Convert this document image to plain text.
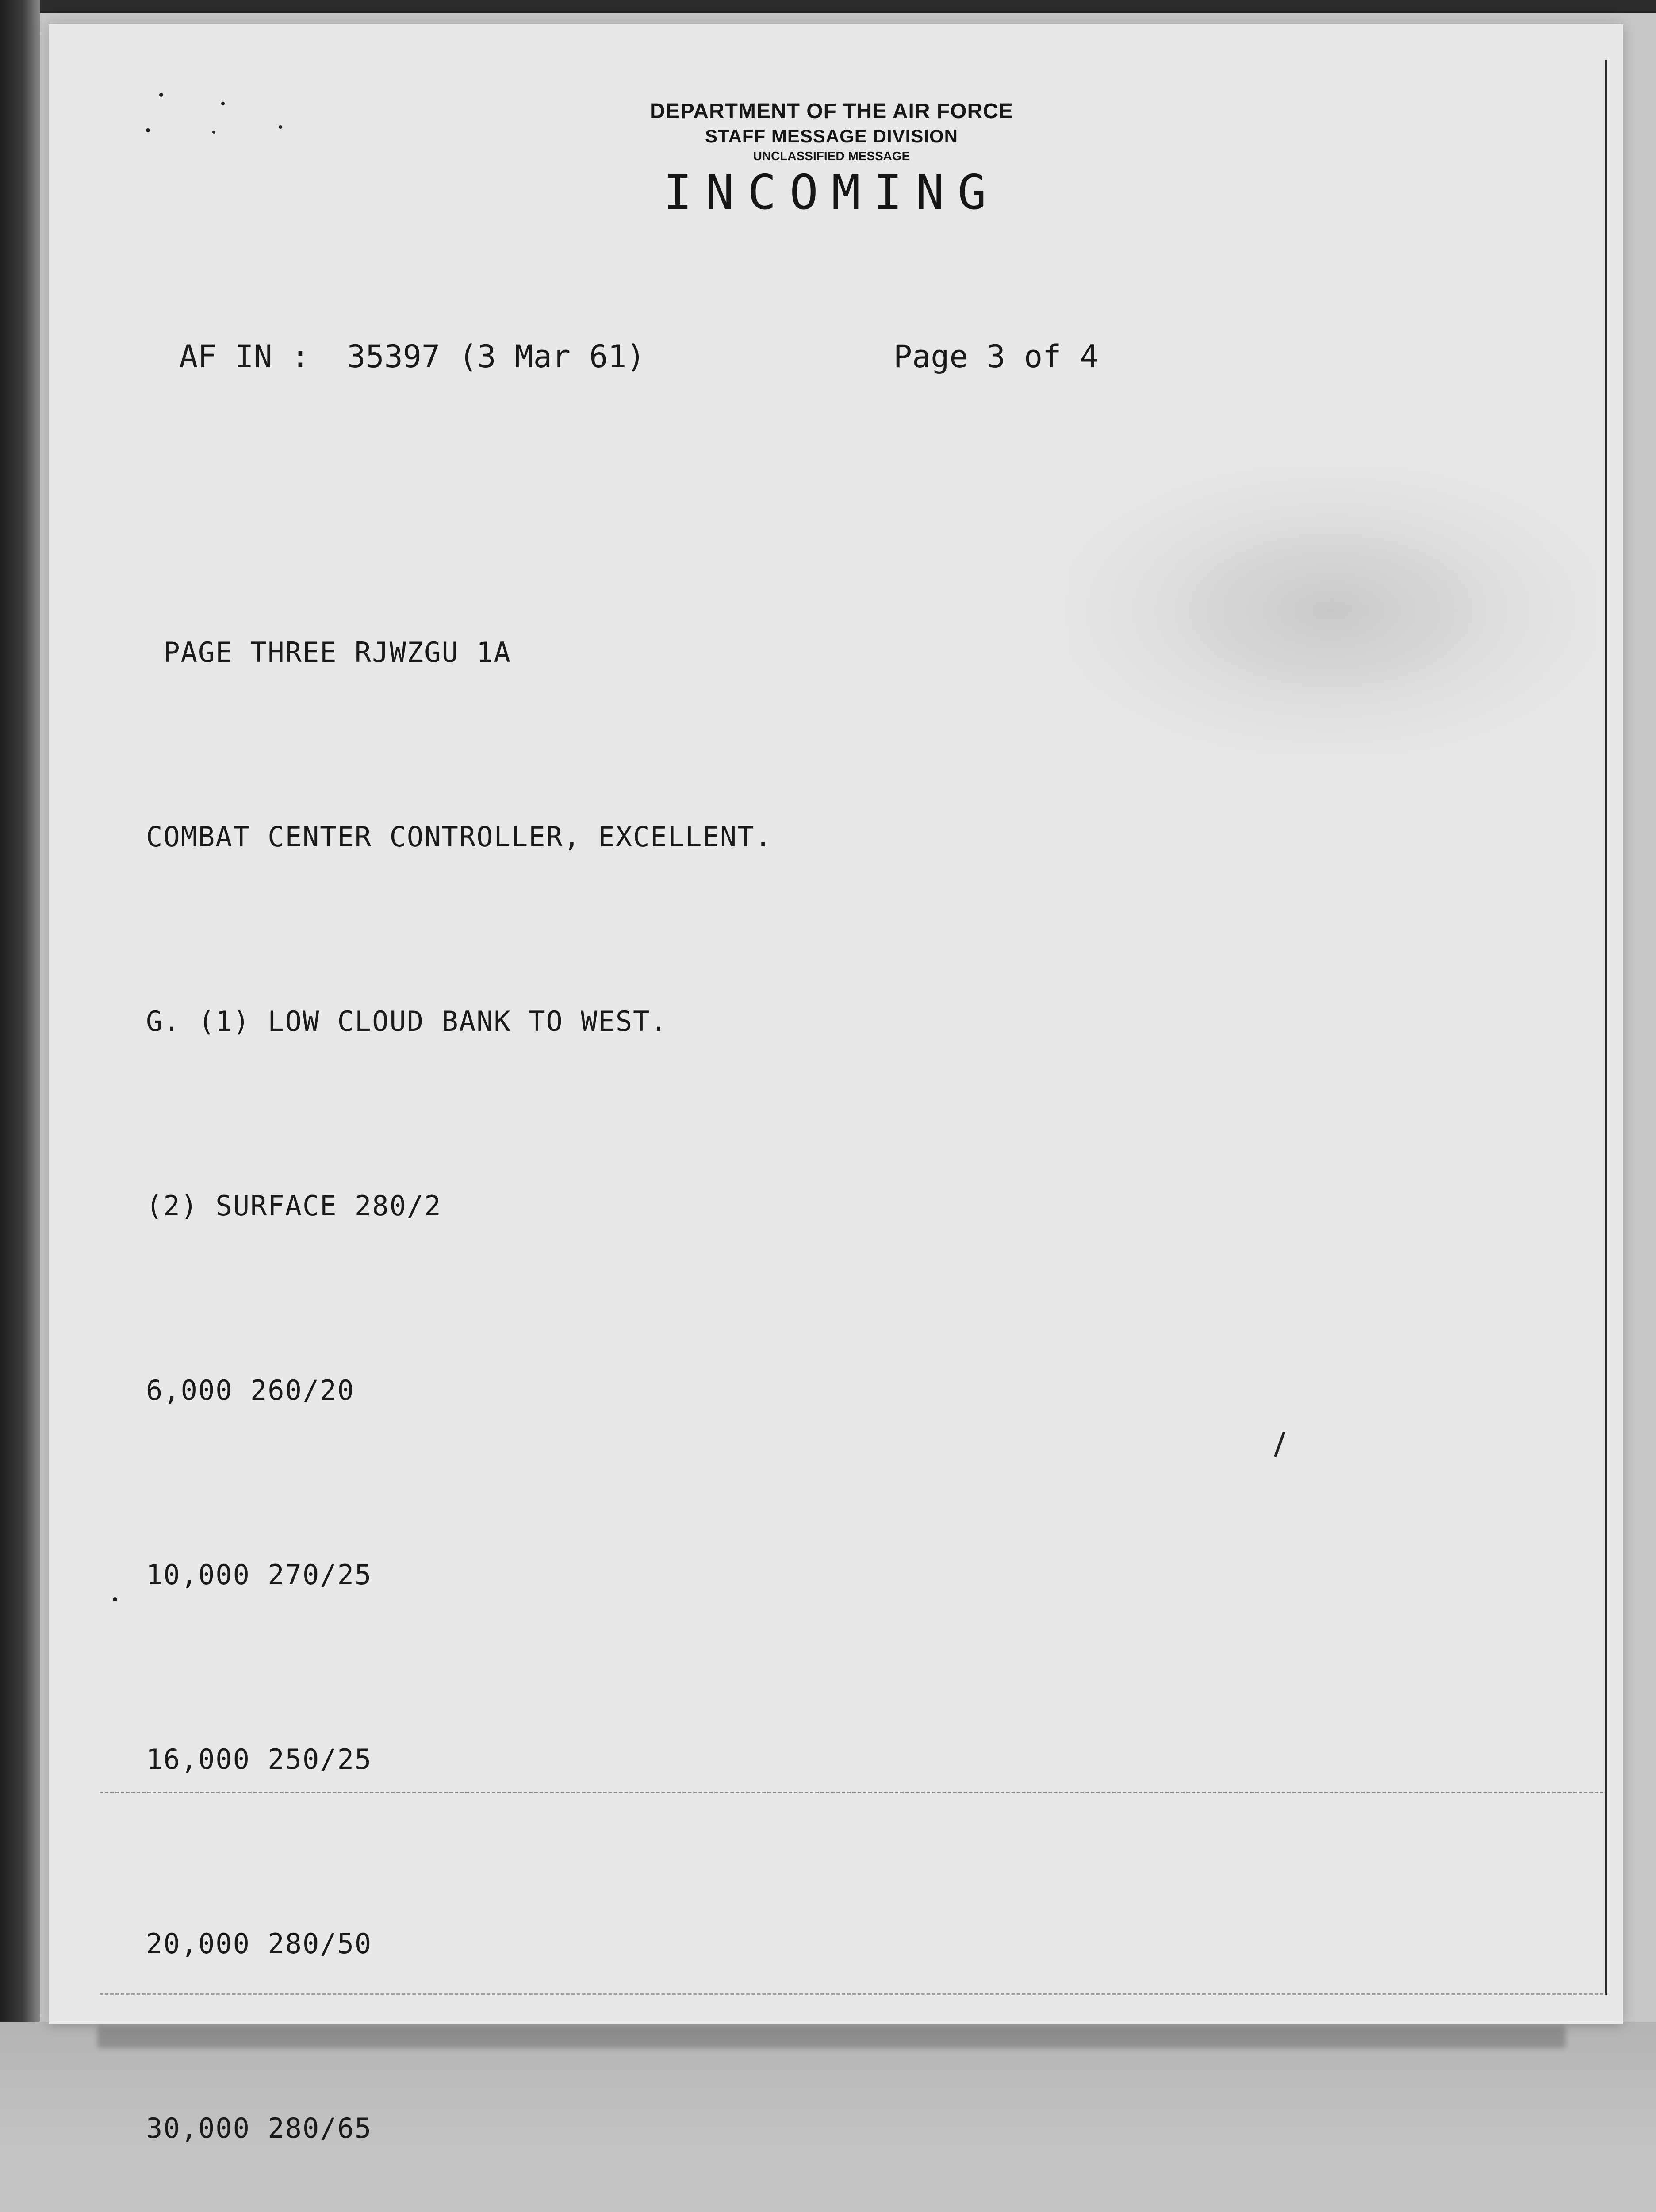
DEPARTMENT OF THE AIR FORCE
STAFF MESSAGE DIVISION
UNCLASSIFIED MESSAGE
INCOMING
AF IN :  35397 (3 Mar 61)	Page 3 of 4

PAGE THREE RJWZGU 1A

COMBAT CENTER CONTROLLER, EXCELLENT.

G. (1) LOW CLOUD BANK TO WEST.

(2) SURFACE 280/2

6,000 260/20

10,000 270/25

16,000 250/25

20,000 280/50

30,000 280/65
